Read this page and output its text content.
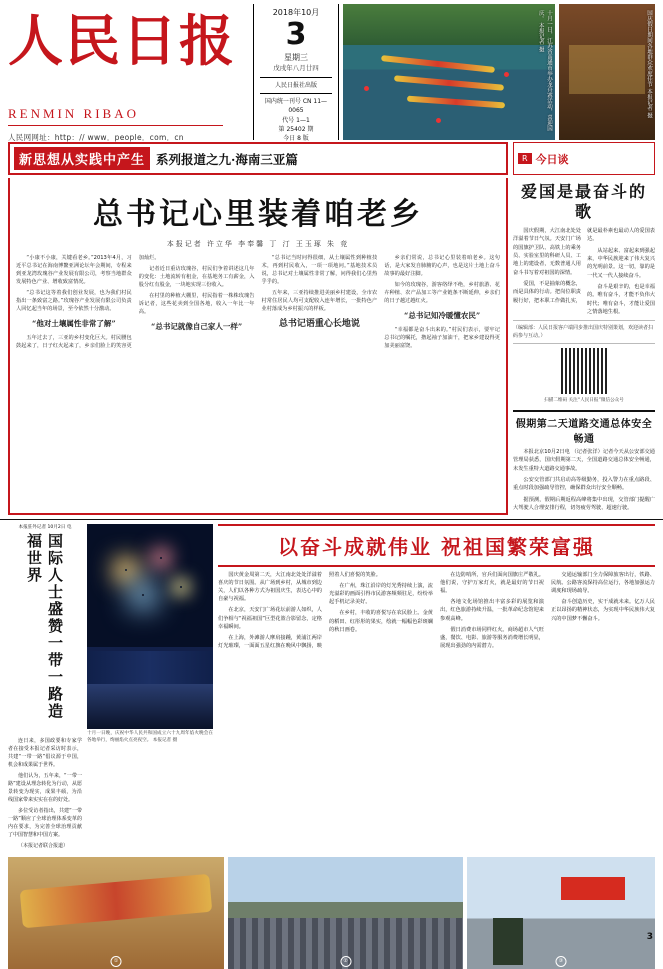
人民日报
RENMIN RIBAO
人民网网址：http：// www．people．com．cn
2018年10月
3
星期三
戊戌年八月廿四
人民日报社出版
国内统一刊号 CN 11—0065
代号 1—1
第 25402 期
今日 8 版
十月一日，江苏省南通市举办龙舟赛活动，喜迎国庆。 本报记者 摄	国庆假日期间各地群众欢度佳节 本报记者 摄
新思想从实践中产生 系列报道之九·海南三亚篇	R 今日谈
总书记心里装着咱老乡
本报记者 许立华 李奉馨 丁 汀 王玉琢 朱 竞

“小康不小康，关键看老乡。”2013年4月，习近平总书记在海南博鳌亚洲论坛年会期间，专程来到亚龙湾玫瑰谷产业发展有限公司，考察当地群众发展特色产业、增收致富情况。

“总书记这等着我们创业发展，也为我们村民指出一条致富之路。”玫瑰谷产业发展有限公司负责人回忆起当年的场景，至今依然十分激动。

“他对土壤属性非常了解”

五年过去了，三亚的乡村变化巨大。村民腰包鼓起来了，日子红火起来了，乡亲们脸上的笑容更加灿烂。

记者近日重访玫瑰谷，村民们争着讲述这几年的变化：土地流转有租金，在基地务工有薪金，入股分红有股金，一块地实现三份收入。

在村里的种植大棚里，村民指着一株株玫瑰告诉记者，这些花卖到全国各地，收入一年比一年高。

“总书记就像自己家人一样”

“总书记当时问得很细，从土壤属性到种植技术，再到村民收入，一项一项地问。”基地技术员说，总书记对土壤属性非常了解，问得我们心里热乎乎的。

五年来，三亚持续推进美丽乡村建设，全市农村常住居民人均可支配收入连年增长，一批特色产业村落成为乡村振兴的样板。

总书记语重心长地说

乡亲们常说，总书记心里装着咱老乡。这句话，是大家发自肺腑的心声，也是这片土地上奋斗故事的最好注脚。

如今的玫瑰谷，游客络绎不绝，乡村旅游、花卉种植、农产品加工等产业链条不断延伸，乡亲们的日子越过越红火。

“总书记知冷暖懂农民”

“幸福都是奋斗出来的。”村民们表示，要牢记总书记的嘱托，撸起袖子加油干，把家乡建设得更加美丽富饶。

爱国是最奋斗的歌

国庆假期，大江南北处处洋溢着节日气氛。天安门广场的国旗护卫队、高铁上的乘务员、实验室里的科研人员、工地上的建设者，无数普通人用奋斗书写着对祖国的深情。

爱国，不是抽象的概念，而是具体的行动。把岗位职责履行好，把本职工作做扎实，就是最朴素也最动人的爱国表达。

从站起来、富起来到强起来，中华民族迎来了伟大复兴的光明前景。这一切，靠的是一代又一代人接续奋斗。

奋斗是艰辛的，也是幸福的。唯有奋斗，才能不负伟大时代；唯有奋斗，才能让爱国之情落地生根。

（编辑部：人民日报客户端同步推出国庆特别策划，欢迎读者扫码参与互动。）
扫描二维码 关注“人民日报”微信公众号
假期第二天道路交通总体安全畅通

本报北京10月2日电 （记者张洋）记者今天从公安部交通管理局获悉，国庆假期第二天，全国道路交通总体安全畅通，未发生重特大道路交通事故。

公安交管部门共启动高等级勤务，投入警力在重点路段、重点时段加强疏导管控，确保群众出行安全顺畅。

据预测，假期后期返程高峰将集中出现，交管部门提醒广大驾驶人合理安排行程，切勿疲劳驾驶、超速行驶。

本报驻外记者 10月2日 电
国际人士盛赞一带一路造福世界

连日来，多国政要和专家学者在接受本报记者采访时表示，共建“一带一路”倡议源于中国，机会和成果属于世界。

他们认为，五年来，“一带一路”建设从理念转化为行动，从愿景转变为现实，成果丰硕，为沿线国家带来实实在在的好处。

多位受访者指出，共建“一带一路”顺应了全球治理体系变革的内在要求，为完善全球治理贡献了中国智慧和中国方案。

（本报记者联合报道）

十月一日晚，庆祝中华人民共和国成立六十九周年焰火晚会在各地举行，绚丽焰火点亮夜空。 本报记者 摄
以奋斗成就伟业 祝祖国繁荣富强

国庆黄金周第二天，大江南北处处洋溢着喜庆的节日氛围。从广场到乡村，从城市到边关，人们以各种方式为祖国庆生，表达心中的自豪与祝福。

在北京，天安门广场花坛前游人如织，人们争相与“祝福祖国”巨型花篮合影留念，定格幸福瞬间。

在上海，外滩游人摩肩接踵，黄浦江两岸灯光璀璨，一面面五星红旗在晚风中飘扬，映照着人们喜悦的笑脸。

在广州，珠江沿岸的灯光秀持续上演，流光溢彩的画面引得市民游客频频驻足，纷纷举起手机记录美好。

在乡村，丰收的喜悦写在农民脸上。金黄的稻田、红彤彤的果实，绘就一幅幅色彩斑斓的秋日画卷。

在边防哨所，官兵们面向国旗庄严敬礼。他们说，守护万家灯火，就是最好的节日祝福。

各地文化场馆推出丰富多彩的展览和演出，红色旅游持续升温，一批革命纪念馆迎来参观高峰。

假日消费市场同样红火。商场超市人气旺盛，餐饮、电影、旅游等服务消费增长明显，展现出强劲的内需潜力。

交通运输部门全力保障旅客出行，铁路、民航、公路客流保持高位运行，各地加强运力调度和现场疏导。

奋斗创造历史，实干成就未来。亿万人民正以昂扬的精神状态，为实现中华民族伟大复兴的中国梦不懈奋斗。

①	②	③
3
